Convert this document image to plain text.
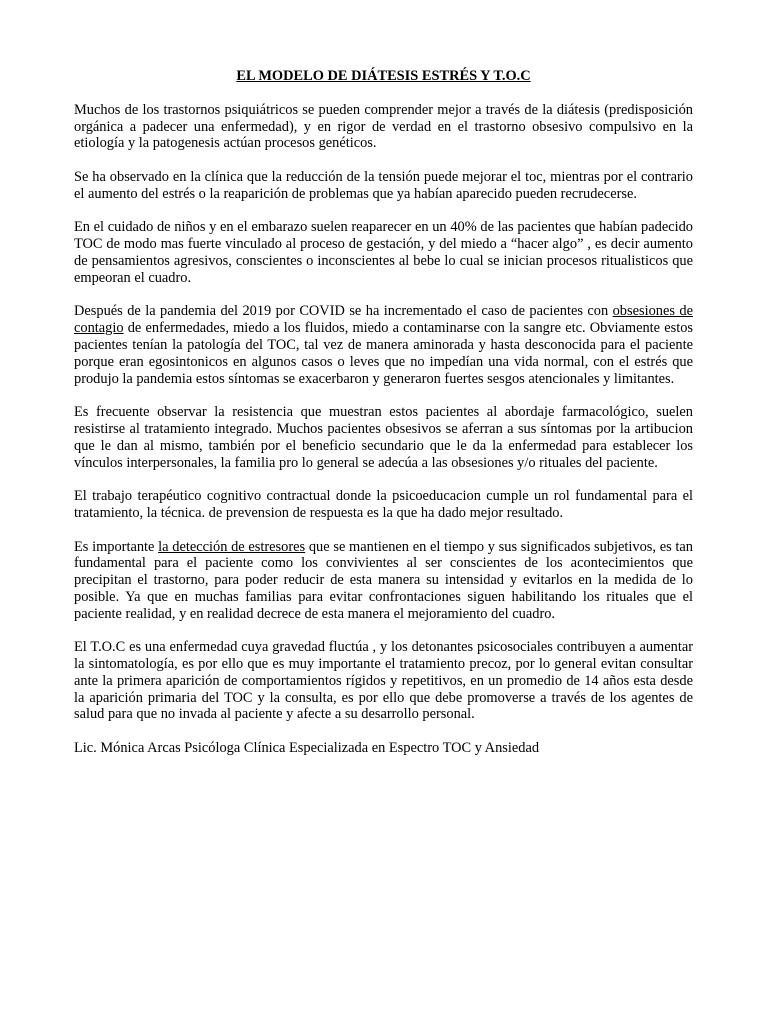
EL MODELO DE DIÁTESIS ESTRÉS Y T.O.C

Muchos de los trastornos psiquiátricos se pueden comprender mejor a través de la diátesis (predisposición orgánica a padecer una enfermedad), y en rigor de verdad en el trastorno obsesivo compulsivo en la etiología y la patogenesis actúan procesos genéticos.

Se ha observado en la clínica que la reducción de la tensión puede mejorar el toc, mientras por el contrario el aumento del estrés o la reaparición de problemas que ya habían aparecido pueden recrudecerse.

En el cuidado de niños y en el embarazo suelen reaparecer en un 40% de las pacientes que habían padecido TOC de modo mas fuerte vinculado al proceso de gestación, y del miedo a “hacer algo” , es decir aumento de pensamientos agresivos, conscientes o inconscientes al bebe lo cual se inician procesos ritualisticos que empeoran el cuadro.

Después de la pandemia del 2019 por COVID se ha incrementado el caso de pacientes con obsesiones de contagio de enfermedades, miedo a los fluidos, miedo a contaminarse con la sangre etc. Obviamente estos pacientes tenían la patología del TOC, tal vez de manera aminorada y hasta desconocida para el paciente porque eran egosintonicos en algunos casos o leves que no impedían una vida normal, con el estrés que produjo la pandemia estos síntomas se exacerbaron y generaron fuertes sesgos atencionales y limitantes.

Es frecuente observar la resistencia que muestran estos pacientes al abordaje farmacológico, suelen resistirse al tratamiento integrado. Muchos pacientes obsesivos se aferran a sus síntomas por la artibucion que le dan al mismo, también por el beneficio secundario que le da la enfermedad para establecer los vínculos interpersonales, la familia pro lo general se adecúa a las obsesiones y/o rituales del paciente.

El trabajo terapéutico cognitivo contractual donde la psicoeducacion cumple un rol fundamental para el tratamiento, la técnica. de prevension de respuesta es la que ha dado mejor resultado.

Es importante la detección de estresores que se mantienen en el tiempo y sus significados subjetivos, es tan fundamental para el paciente como los convivientes al ser conscientes de los acontecimientos que precipitan el trastorno, para poder reducir de esta manera su intensidad y evitarlos en la medida de lo posible. Ya que en muchas familias para evitar confrontaciones siguen habilitando los rituales que el paciente realidad, y en realidad decrece de esta manera el mejoramiento del cuadro.

El T.O.C es una enfermedad cuya gravedad fluctúa , y los detonantes psicosociales contribuyen a aumentar la sintomatología, es por ello que es muy importante el tratamiento precoz, por lo general evitan consultar ante la primera aparición de comportamientos rígidos y repetitivos, en un promedio de 14 años esta desde la aparición primaria del TOC y la consulta, es por ello que debe promoverse a través de los agentes de salud para que no invada al paciente y afecte a su desarrollo personal.

Lic. Mónica Arcas Psicóloga Clínica Especializada en Espectro TOC y Ansiedad
